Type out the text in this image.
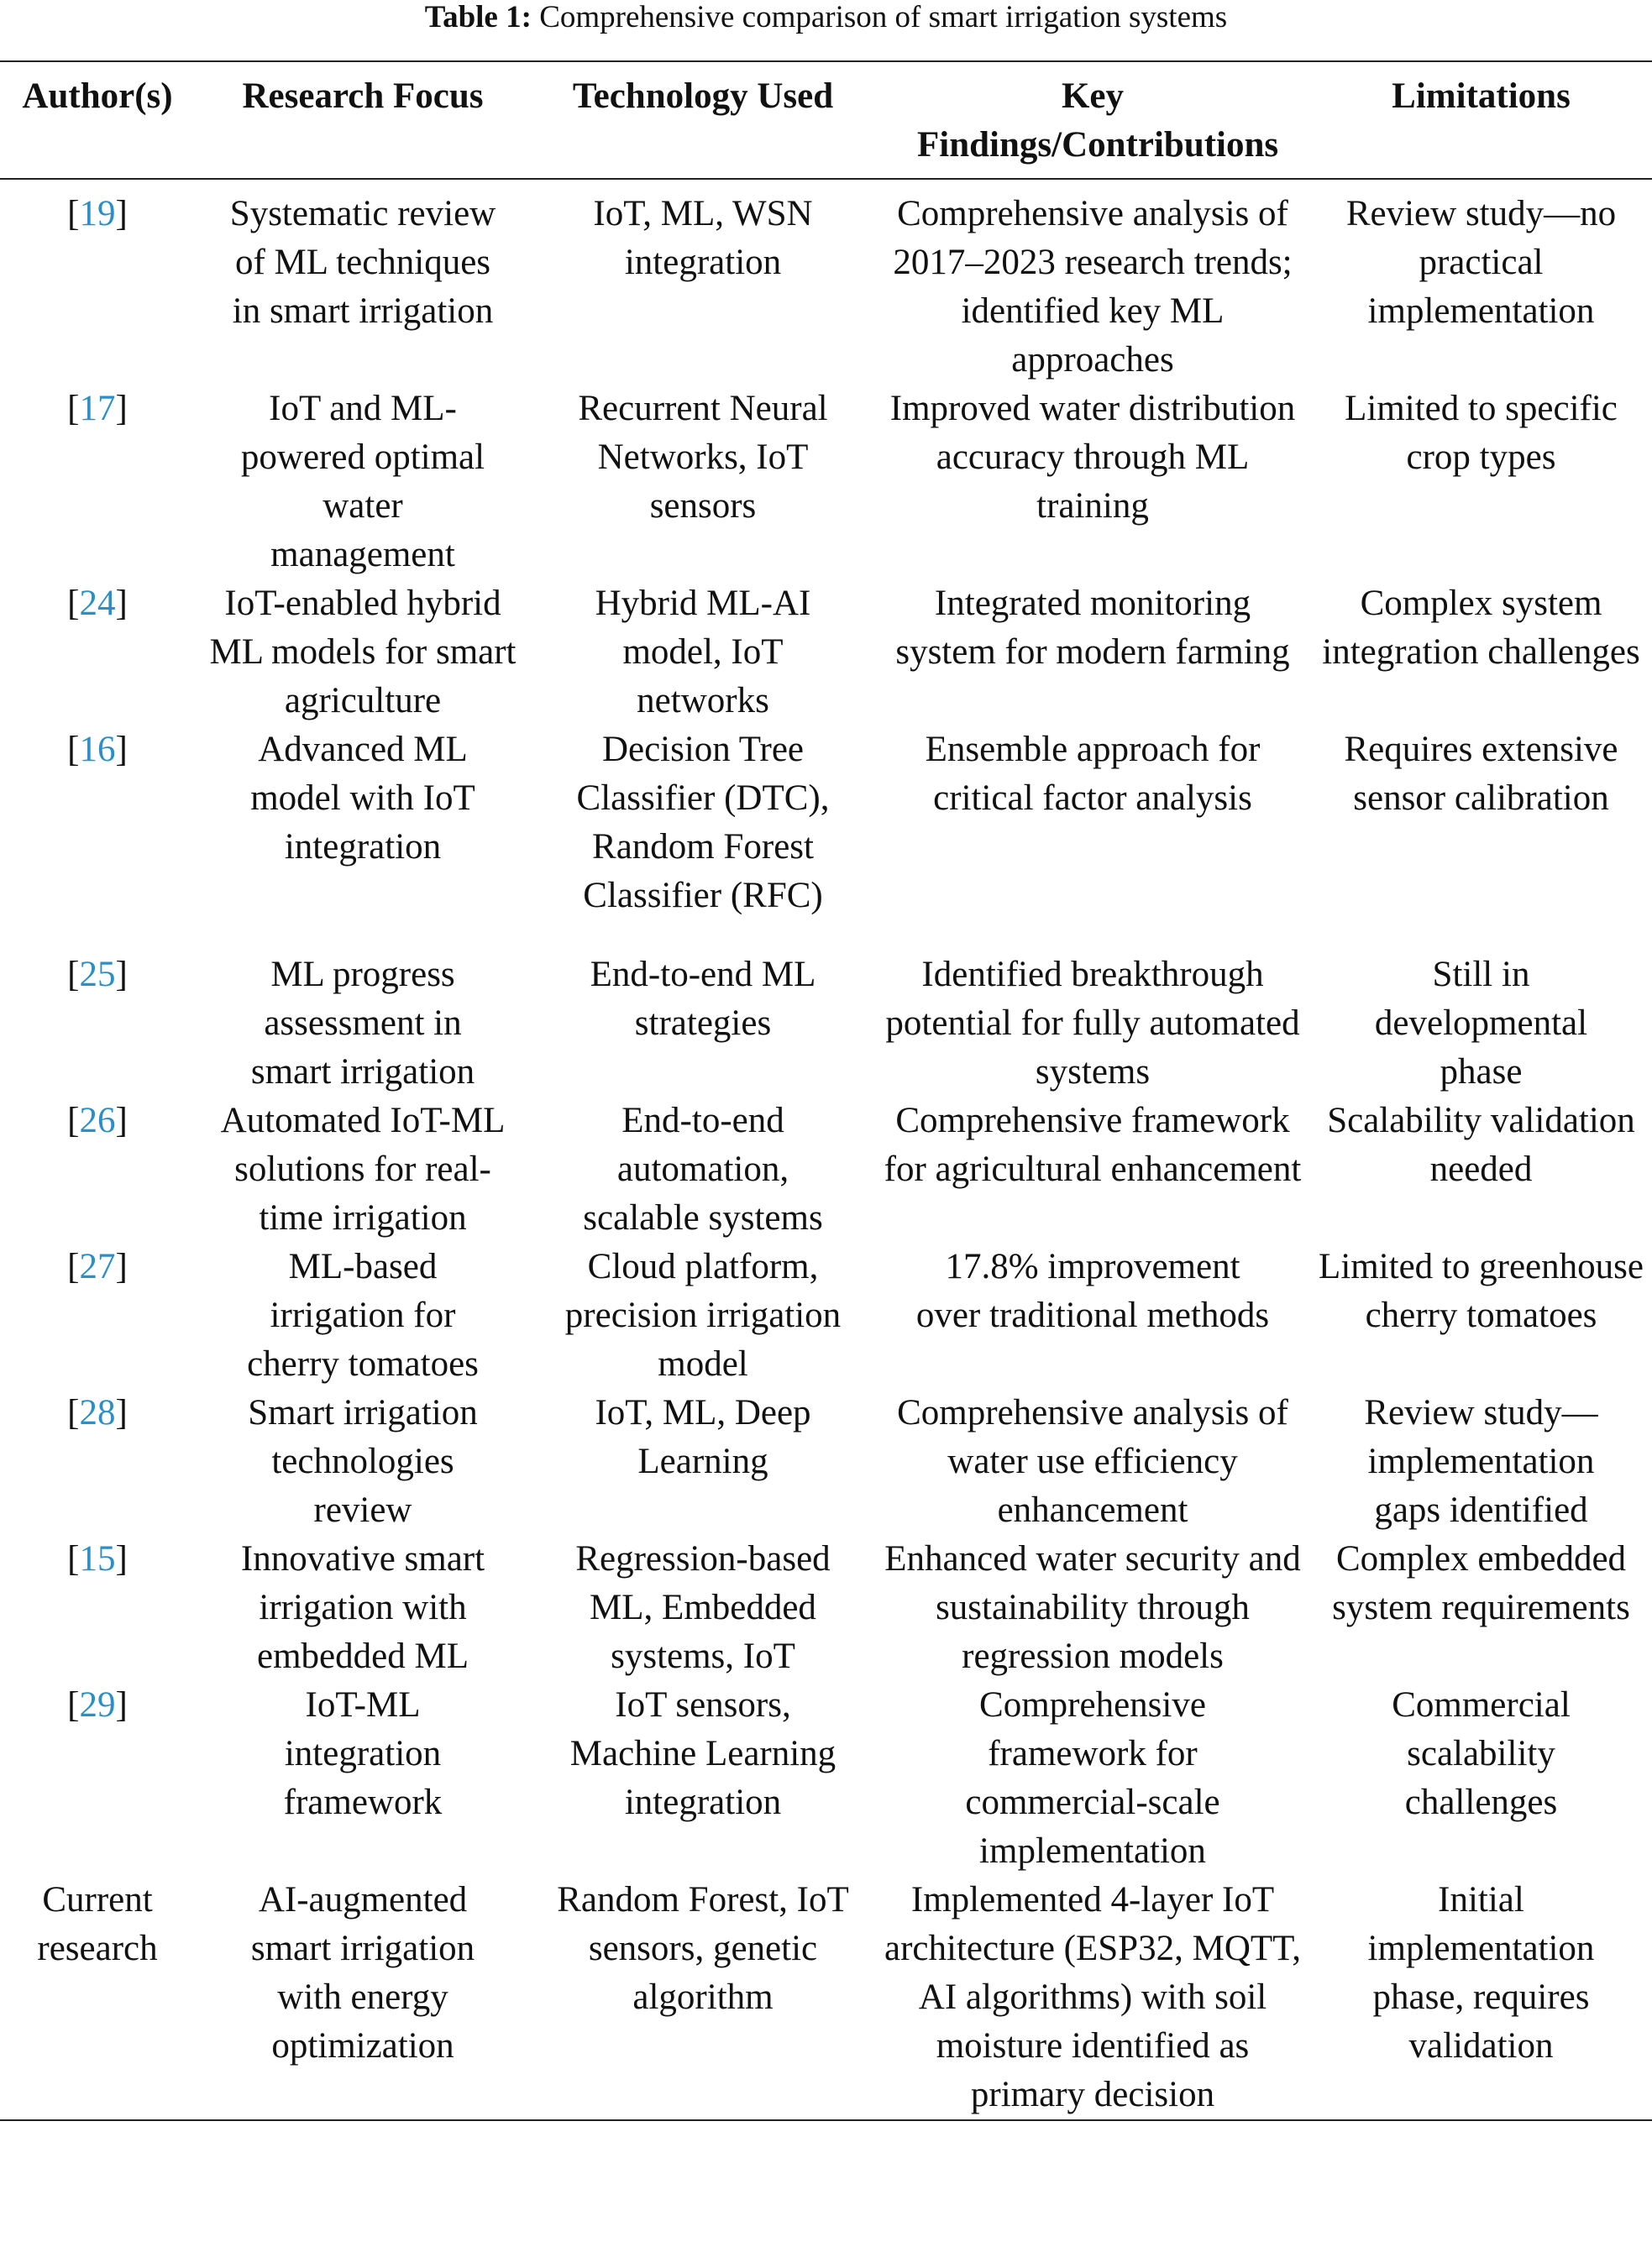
Table 1: Comprehensive comparison of smart irrigation systems
Author(s)	Research Focus	Technology Used	Key Findings/Contributions	Limitations
[19]	Systematic review of ML techniques in smart irrigation	IoT, ML, WSN integration	Comprehensive analysis of 2017–2023 research trends; identified key ML approaches	Review study—no practical implementation
[17]	IoT and ML-powered optimal water management	Recurrent Neural Networks, IoT sensors	Improved water distribution accuracy through ML training	Limited to specific crop types
[24]	IoT-enabled hybrid ML models for smart agriculture	Hybrid ML-AI model, IoT networks	Integrated monitoring system for modern farming	Complex system integration challenges
[16]	Advanced ML model with IoT integration	Decision Tree Classifier (DTC), Random Forest Classifier (RFC)	Ensemble approach for critical factor analysis	Requires extensive sensor calibration
[25]	ML progress assessment in smart irrigation	End-to-end ML strategies	Identified breakthrough potential for fully automated systems	Still in developmental phase
[26]	Automated IoT-ML solutions for real-time irrigation	End-to-end automation, scalable systems	Comprehensive framework for agricultural enhancement	Scalability validation needed
[27]	ML-based irrigation for cherry tomatoes	Cloud platform, precision irrigation model	17.8% improvement over traditional methods	Limited to greenhouse cherry tomatoes
[28]	Smart irrigation technologies review	IoT, ML, Deep Learning	Comprehensive analysis of water use efficiency enhancement	Review study—implementation gaps identified
[15]	Innovative smart irrigation with embedded ML	Regression-based ML, Embedded systems, IoT	Enhanced water security and sustainability through regression models	Complex embedded system requirements
[29]	IoT-ML integration framework	IoT sensors, Machine Learning integration	Comprehensive framework for commercial-scale implementation	Commercial scalability challenges
Current research	AI-augmented smart irrigation with energy optimization	Random Forest, IoT sensors, genetic algorithm	Implemented 4-layer IoT architecture (ESP32, MQTT, AI algorithms) with soil moisture identified as primary decision	Initial implementation phase, requires validation
